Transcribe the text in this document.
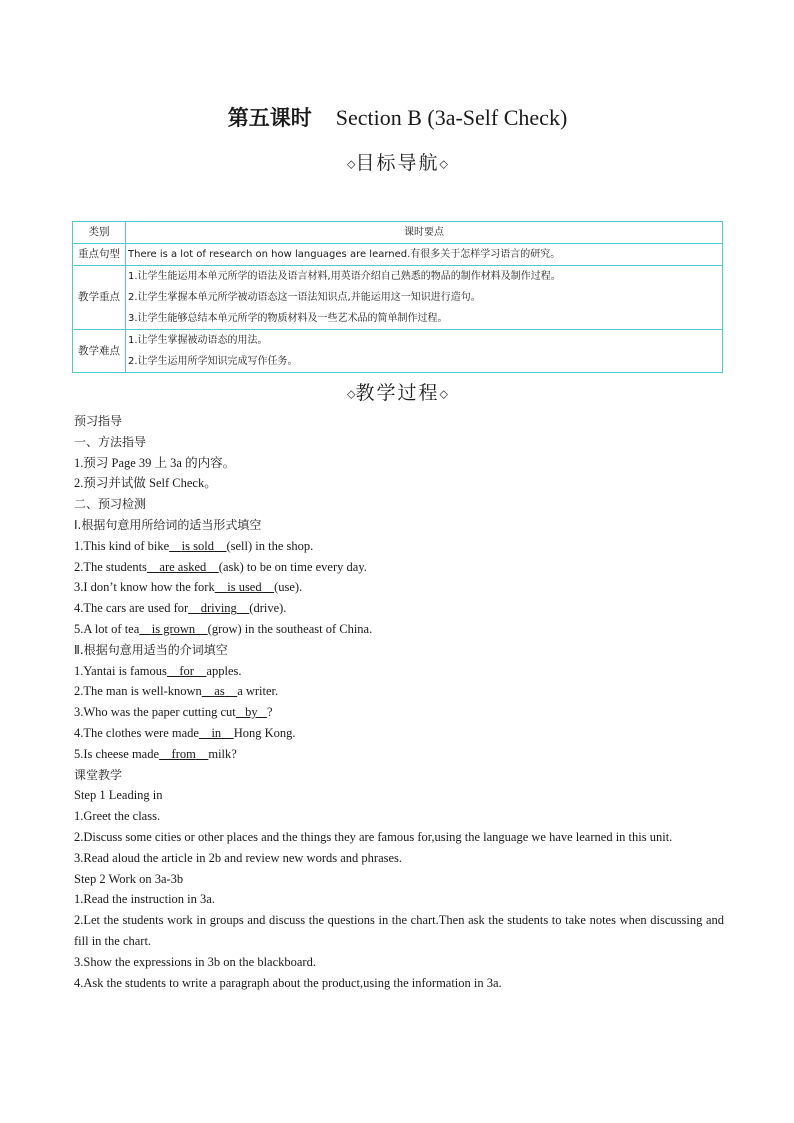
第五课时 Section B (3a-Self Check)
◇目标导航◇
类别	课时要点
重点句型	There is a lot of research on how languages are learned.有很多关于怎样学习语言的研究。

教学重点	1.让学生能运用本单元所学的语法及语言材料,用英语介绍自己熟悉的物品的制作材料及制作过程。
2.让学生掌握本单元所学被动语态这一语法知识点,并能运用这一知识进行造句。
3.让学生能够总结本单元所学的物质材料及一些艺术品的简单制作过程。

教学难点	1.让学生掌握被动语态的用法。
2.让学生运用所学知识完成写作任务。
◇教学过程◇
预习指导
一、方法指导
1.预习 Page 39 上 3a 的内容。
2.预习并试做 Self Check。
二、预习检测
Ⅰ.根据句意用所给词的适当形式填空
1.This kind of bike is sold (sell) in the shop.
2.The students are asked (ask) to be on time every day.
3.I don’t know how the fork is used (use).
4.The cars are used for driving (drive).
5.A lot of tea is grown (grow) in the southeast of China.
Ⅱ.根据句意用适当的介词填空
1.Yantai is famous for apples.
2.The man is well-known as a writer.
3.Who was the paper cutting cut by ?
4.The clothes were made in Hong Kong.
5.Is cheese made from milk?
课堂教学
Step 1 Leading in
1.Greet the class.
2.Discuss some cities or other places and the things they are famous for,using the language we have learned in this unit.
3.Read aloud the article in 2b and review new words and phrases.
Step 2 Work on 3a-3b
1.Read the instruction in 3a.
2.Let the students work in groups and discuss the questions in the chart.Then ask the students to take notes when discussing and fill in the chart.
3.Show the expressions in 3b on the blackboard.
4.Ask the students to write a paragraph about the product,using the information in 3a.
